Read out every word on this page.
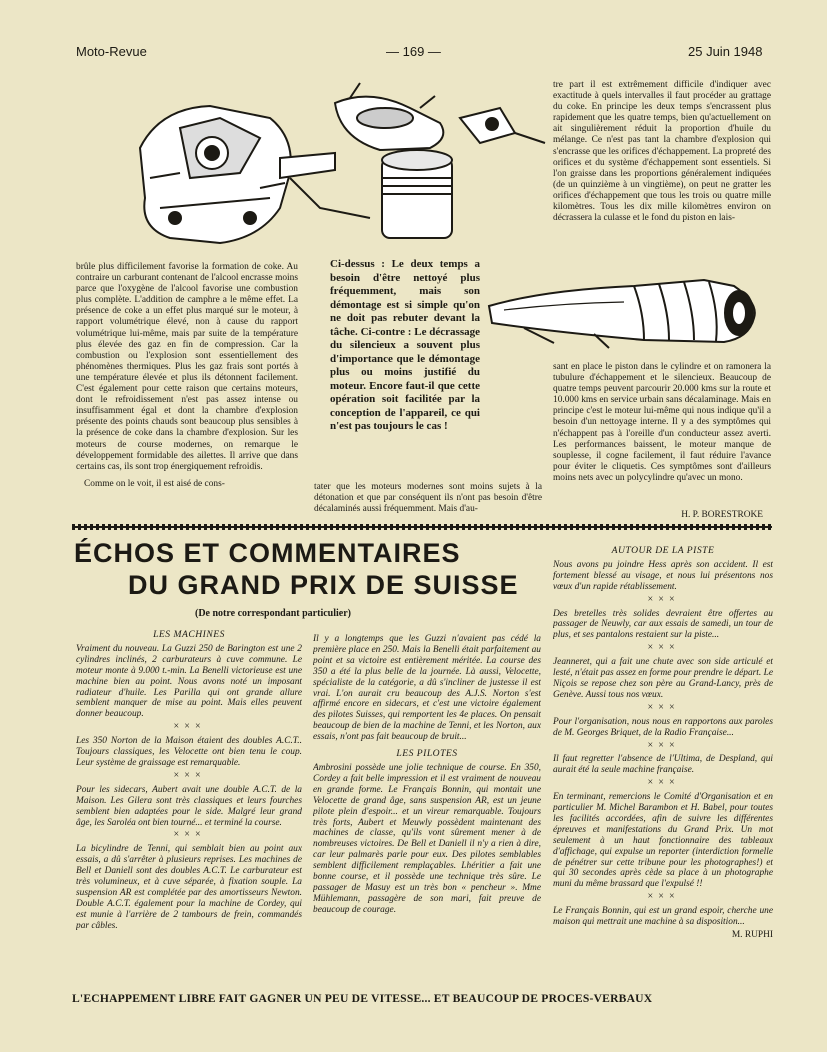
Moto-Revue	— 169 —	25 Juin 1948

brûle plus difficilement favorise la formation de coke. Au contraire un carburant contenant de l'alcool encrasse moins parce que l'oxygène de l'alcool favorise une combustion plus complète. L'addition de camphre a le même effet. La présence de coke a un effet plus marqué sur le moteur, à rapport volumétrique élevé, non à cause du rapport volumétrique lui-même, mais par suite de la température plus élevée des gaz en fin de compression. Car la combustion ou l'explosion sont essentiellement des phénomènes thermiques. Plus les gaz frais sont portés à une température élevée et plus ils détonnent facilement. C'est également pour cette raison que certains moteurs, dont le refroidissement n'est pas assez intense ou insuffisamment égal et dont la chambre d'explosion présente des points chauds sont beaucoup plus sensibles à la présence de coke dans la chambre d'explosion. Sur les moteurs de course modernes, on remarque le développement formidable des ailettes. Il arrive que dans certains cas, ils sont trop énergiquement refroidis.

Comme on le voit, il est aisé de cons-

Ci-dessus : Le deux temps a besoin d'être nettoyé plus fréquemment, mais son démontage est si simple qu'on ne doit pas rebuter devant la tâche. Ci-contre : Le décrassage du silencieux a souvent plus d'importance que le démontage plus ou moins justifié du moteur. Encore faut-il que cette opération soit facilitée par la conception de l'appareil, ce qui n'est pas toujours le cas !
tater que les moteurs modernes sont moins sujets à la détonation et que par conséquent ils n'ont pas besoin d'être décalaminés aussi fréquemment. Mais d'au-
tre part il est extrêmement difficile d'indiquer avec exactitude à quels intervalles il faut procéder au grattage du coke. En principe les deux temps s'encrassent plus rapidement que les quatre temps, bien qu'actuellement on ait singulièrement réduit la proportion d'huile du mélange. Ce n'est pas tant la chambre d'explosion qui s'encrasse que les orifices d'échappement. La propreté des orifices et du système d'échappement sont essentiels. Si l'on graisse dans les proportions généralement indiquées (de un quinzième à un vingtième), on peut ne gratter les orifices d'échappement que tous les trois ou quatre mille kilomètres. Tous les dix mille kilomètres environ on décrassera la culasse et le fond du piston en lais-
sant en place le piston dans le cylindre et on ramonera la tubulure d'échappement et le silencieux. Beaucoup de quatre temps peuvent parcourir 20.000 kms sur la route et 10.000 kms en service urbain sans décalaminage. Mais en principe c'est le moteur lui-même qui nous indique qu'il a besoin d'un nettoyage interne. Il y a des symptômes qui n'échappent pas à l'oreille d'un conducteur assez averti. Les performances baissent, le moteur manque de souplesse, il cogne facilement, il faut réduire l'avance pour éviter le cliquetis. Ces symptômes sont d'ailleurs moins nets avec un polycylindre qu'avec un mono.
H. P. BORESTROKE
ÉCHOS ET COMMENTAIRES
DU GRAND PRIX DE SUISSE
(De notre correspondant particulier)
LES MACHINES

Vraiment du nouveau. La Guzzi 250 de Barington est une 2 cylindres inclinés, 2 carburateurs à cuve commune. Le moteur monte à 9.000 t.-min. La Benelli victorieuse est une machine bien au point. Nous avons noté un imposant radiateur d'huile. Les Parilla qui ont grande allure semblent manquer de mise au point. Mais elles peuvent donner beaucoup.

×××

Les 350 Norton de la Maison étaient des doubles A.C.T.. Toujours classiques, les Velocette ont bien tenu le coup. Leur système de graissage est remarquable.

×××

Pour les sidecars, Aubert avait une double A.C.T. de la Maison. Les Gilera sont très classiques et leurs fourches semblent bien adaptées pour le side. Malgré leur grand âge, les Saroléa ont bien tourné... et terminé la course.

×××

La bicylindre de Tenni, qui semblait bien au point aux essais, a dû s'arrêter à plusieurs reprises. Les machines de Bell et Daniell sont des doubles A.C.T. Le carburateur est très volumineux, et à cuve séparée, à fixation souple. La suspension AR est complétée par des amortisseurs Newton. Double A.C.T. également pour la machine de Cordey, qui est munie à l'arrière de 2 tambours de frein, commandés par câbles.

Il y a longtemps que les Guzzi n'avaient pas cédé la première place en 250. Mais la Benelli était parfaitement au point et sa victoire est entièrement méritée. La course des 350 a été la plus belle de la journée. Là aussi, Velocette, spécialiste de la catégorie, a dû s'incliner de justesse il est vrai. L'on aurait cru beaucoup des A.J.S. Norton s'est affirmé encore en sidecars, et c'est une victoire également des pilotes Suisses, qui remportent les 4e places. On pensait beaucoup de bien de la machine de Tenni, et les Norton, aux essais, n'ont pas fait beaucoup de bruit...

LES PILOTES

Ambrosini possède une jolie technique de course. En 350, Cordey a fait belle impression et il est vraiment de nouveau en grande forme. Le Français Bonnin, qui montait une Velocette de grand âge, sans suspension AR, est un jeune pilote plein d'espoir... et un vireur remarquable. Toujours très forts, Aubert et Meuwly possèdent maintenant des machines de classe, qu'ils vont sûrement mener à de nombreuses victoires. De Bell et Daniell il n'y a rien à dire, car leur palmarès parle pour eux. Des pilotes semblables semblent difficilement remplaçables. Lhéritier a fait une bonne course, et il possède une technique très sûre. Le passager de Masuy est un très bon « pencheur ». Mme Mühlemann, passagère de son mari, fait preuve de beaucoup de courage.

AUTOUR DE LA PISTE

Nous avons pu joindre Hess après son accident. Il est fortement blessé au visage, et nous lui présentons nos vœux d'un rapide rétablissement.

×××

Des bretelles très solides devraient être offertes au passager de Neuwly, car aux essais de samedi, un tour de plus, et ses pantalons restaient sur la piste...

×××

Jeanneret, qui a fait une chute avec son side articulé et lesté, n'était pas assez en forme pour prendre le départ. Le Niçois se repose chez son père au Grand-Lancy, près de Genève. Aussi tous nos vœux.

×××

Pour l'organisation, nous nous en rapportons aux paroles de M. Georges Briquet, de la Radio Française...

×××

Il faut regretter l'absence de l'Ultima, de Despland, qui aurait été la seule machine française.

×××

En terminant, remercions le Comité d'Organisation et en particulier M. Michel Barambon et H. Babel, pour toutes les facilités accordées, afin de suivre les différentes épreuves et manifestations du Grand Prix. Un mot seulement à un haut fonctionnaire des tableaux d'affichage, qui expulse un reporter (interdiction formelle de pénétrer sur cette tribune pour les photographes!) et qui 30 secondes après cède sa place à un photographe muni du même brassard que l'expulsé !!

×××

Le Français Bonnin, qui est un grand espoir, cherche une maison qui mettrait une machine à sa disposition...

M. RUPHI
L'ECHAPPEMENT LIBRE FAIT GAGNER UN PEU DE VITESSE... ET BEAUCOUP DE PROCES-VERBAUX
